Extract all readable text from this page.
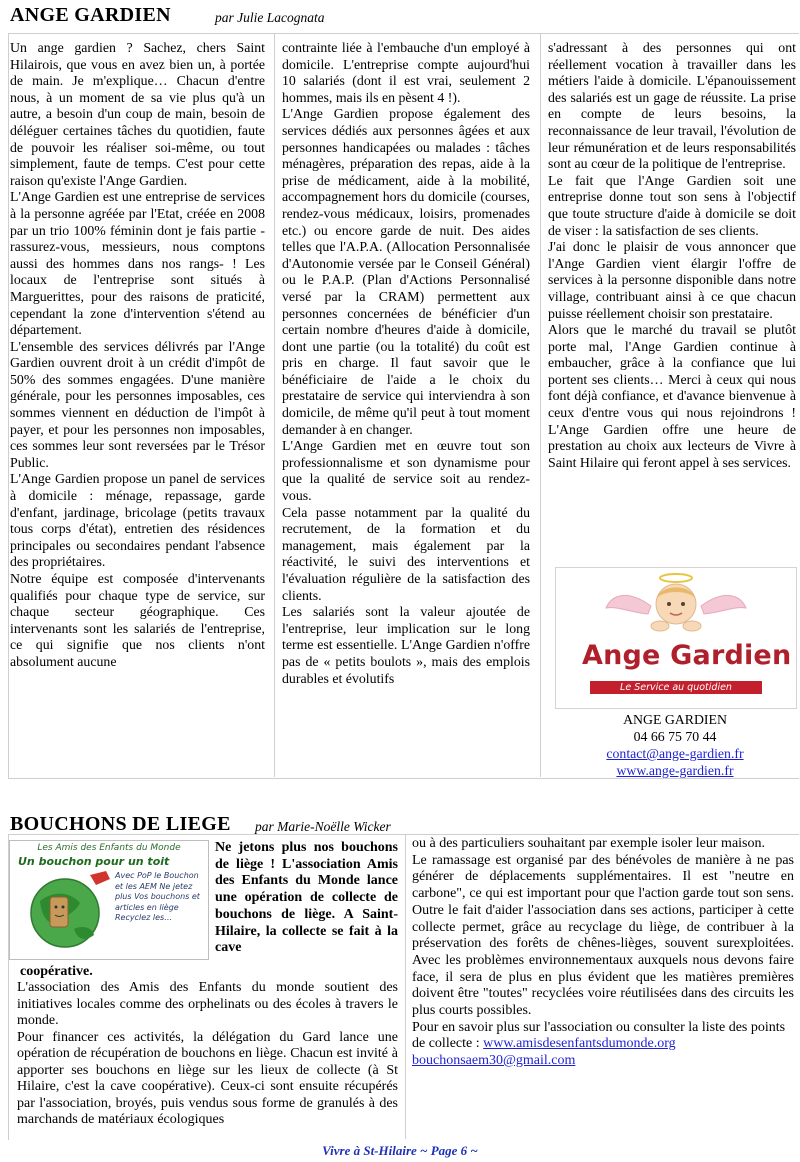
ANGE GARDIEN	par Julie Lacognata

Un ange gardien ? Sachez, chers Saint Hilairois, que vous en avez bien un, à portée de main. Je m'explique… Chacun d'entre nous, à un moment de sa vie plus qu'à un autre, a besoin d'un coup de main, besoin de déléguer certaines tâches du quotidien, faute de pouvoir les réaliser soi-même, ou tout simplement, faute de temps. C'est pour cette raison qu'existe l'Ange Gardien.

L'Ange Gardien est une entreprise de services à la personne agréée par l'Etat, créée en 2008 par un trio 100% féminin dont je fais partie -rassurez-vous, messieurs, nous comptons aussi des hommes dans nos rangs- ! Les locaux de l'entreprise sont situés à Marguerittes, pour des raisons de praticité, cependant la zone d'intervention s'étend au département.

L'ensemble des services délivrés par l'Ange Gardien ouvrent droit à un crédit d'impôt de 50% des sommes engagées. D'une manière générale, pour les personnes imposables, ces sommes viennent en déduction de l'impôt à payer, et pour les personnes non imposables, ces sommes leur sont reversées par le Trésor Public.

L'Ange Gardien propose un panel de services à domicile : ménage, repassage, garde d'enfant, jardinage, bricolage (petits travaux tous corps d'état), entretien des résidences principales ou secondaires pendant l'absence des propriétaires.

Notre équipe est composée d'intervenants qualifiés pour chaque type de service, sur chaque secteur géographique. Ces intervenants sont les salariés de l'entreprise, ce qui signifie que nos clients n'ont absolument aucune

contrainte liée à l'embauche d'un employé à domicile. L'entreprise compte aujourd'hui 10 salariés (dont il est vrai, seulement 2 hommes, mais ils en pèsent 4 !).

L'Ange Gardien propose également des services dédiés aux personnes âgées et aux personnes handicapées ou malades : tâches ménagères, préparation des repas, aide à la prise de médicament, aide à la mobilité, accompagnement hors du domicile (courses, rendez-vous médicaux, loisirs, promenades etc.) ou encore garde de nuit. Des aides telles que l'A.P.A. (Allocation Personnalisée d'Autonomie versée par le Conseil Général) ou le P.A.P. (Plan d'Actions Personnalisé versé par la CRAM) permettent aux personnes concernées de bénéficier d'un certain nombre d'heures d'aide à domicile, dont une partie (ou la totalité) du coût est pris en charge. Il faut savoir que le bénéficiaire de l'aide a le choix du prestataire de service qui interviendra à son domicile, de même qu'il peut à tout moment demander à en changer.

L'Ange Gardien met en œuvre tout son professionnalisme et son dynamisme pour que la qualité de service soit au rendez-vous.

Cela passe notamment par la qualité du recrutement, de la formation et du management, mais également par la réactivité, le suivi des interventions et l'évaluation régulière de la satisfaction des clients.

Les salariés sont la valeur ajoutée de l'entreprise, leur implication sur le long terme est essentielle. L'Ange Gardien n'offre pas de « petits boulots », mais des emplois durables et évolutifs

s'adressant à des personnes qui ont réellement vocation à travailler dans les métiers l'aide à domicile. L'épanouissement des salariés est un gage de réussite. La prise en compte de leurs besoins, la reconnaissance de leur travail, l'évolution de leur rémunération et de leurs responsabilités sont au cœur de la politique de l'entreprise.

Le fait que l'Ange Gardien soit une entreprise donne tout son sens à l'objectif que toute structure d'aide à domicile se doit de viser : la satisfaction de ses clients.

J'ai donc le plaisir de vous annoncer que l'Ange Gardien vient élargir l'offre de services à la personne disponible dans notre village, contribuant ainsi à ce que chacun puisse réellement choisir son prestataire.

Alors que le marché du travail se plutôt porte mal, l'Ange Gardien continue à embaucher, grâce à la confiance que lui portent ses clients… Merci à ceux qui nous font déjà confiance, et d'avance bienvenue à ceux d'entre vous qui nous rejoindrons ! L'Ange Gardien offre une heure de prestation au choix aux lecteurs de Vivre à Saint Hilaire qui feront appel à ses services.

Ange Gardien
Le Service au quotidien
ANGE GARDIEN
04 66 75 70 44
contact@ange-gardien.fr
www.ange-gardien.fr
BOUCHONS DE LIEGE par Marie-Noëlle Wicker
Les Amis des Enfants du Monde
Un bouchon pour un toit
Avec PoP le Bouchon et les AEM Ne jetez plus Vos bouchons et articles en liège Recyclez les…
Ne jetons plus nos bouchons de liège ! L'association Amis des Enfants du Monde lance une opération de collecte de bouchons de liège. A Saint-Hilaire, la collecte se fait à la cave
coopérative.

L'association des Amis des Enfants du monde soutient des initiatives locales comme des orphelinats ou des écoles à travers le monde.

Pour financer ces activités, la délégation du Gard lance une opération de récupération de bouchons en liège. Chacun est invité à apporter ses bouchons en liège sur les lieux de collecte (à St Hilaire, c'est la cave coopérative). Ceux-ci sont ensuite récupérés par l'association, broyés, puis vendus sous forme de granulés à des marchands de matériaux écologiques

ou à des particuliers souhaitant par exemple isoler leur maison.

Le ramassage est organisé par des bénévoles de manière à ne pas générer de déplacements supplémentaires. Il est "neutre en carbone", ce qui est important pour que l'action garde tout son sens. Outre le fait d'aider l'association dans ses actions, participer à cette collecte permet, grâce au recyclage du liège, de contribuer à la préservation des forêts de chênes-lièges, souvent surexploitées. Avec les problèmes environnementaux auxquels nous devons faire face, il sera de plus en plus évident que les matières premières doivent être "toutes" recyclées voire réutilisées dans des circuits les plus courts possibles.

Pour en savoir plus sur l'association ou consulter la liste des points de collecte : www.amisdesenfantsdumonde.org

bouchonsaem30@gmail.com

Vivre à St-Hilaire ~ Page 6 ~
